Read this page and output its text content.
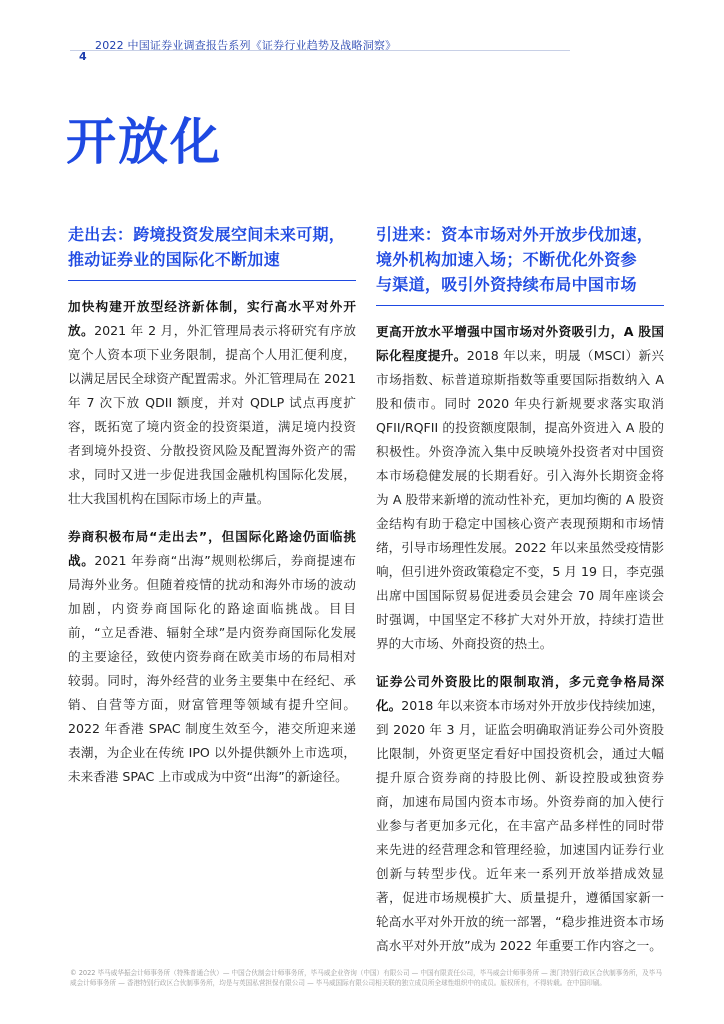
2022 中国证券业调查报告系列《证券行业趋势及战略洞察》
4
开放化
走出去：跨境投资发展空间未来可期，
推动证券业的国际化不断加速

加快构建开放型经济新体制，实行高水平对外开放。2021 年 2 月，外汇管理局表示将研究有序放宽个人资本项下业务限制，提高个人用汇便利度，以满足居民全球资产配置需求。外汇管理局在 2021 年 7 次下放 QDII 额度，并对 QDLP 试点再度扩容，既拓宽了境内资金的投资渠道，满足境内投资者到境外投资、分散投资风险及配置海外资产的需求，同时又进一步促进我国金融机构国际化发展，壮大我国机构在国际市场上的声量。

券商积极布局“走出去”，但国际化路途仍面临挑战。2021 年券商“出海”规则松绑后，券商提速布局海外业务。但随着疫情的扰动和海外市场的波动加剧，内资券商国际化的路途面临挑战。目目前，“立足香港、辐射全球”是内资券商国际化发展的主要途径，致使内资券商在欧美市场的布局相对较弱。同时，海外经营的业务主要集中在经纪、承销、自营等方面，财富管理等领域有提升空间。2022 年香港 SPAC 制度生效至今，港交所迎来递表潮，为企业在传统 IPO 以外提供额外上市选项，未来香港 SPAC 上市或成为中资“出海”的新途径。

引进来：资本市场对外开放步伐加速，
境外机构加速入场；不断优化外资参
与渠道，吸引外资持续布局中国市场

更高开放水平增强中国市场对外资吸引力，A 股国际化程度提升。2018 年以来，明晟（MSCI）新兴市场指数、标普道琼斯指数等重要国际指数纳入 A 股和债市。同时 2020 年央行新规要求落实取消 QFII/RQFII 的投资额度限制，提高外资进入 A 股的积极性。外资净流入集中反映境外投资者对中国资本市场稳健发展的长期看好。引入海外长期资金将为 A 股带来新增的流动性补充，更加均衡的 A 股资金结构有助于稳定中国核心资产表现预期和市场情绪，引导市场理性发展。2022 年以来虽然受疫情影响，但引进外资政策稳定不变，5 月 19 日，李克强出席中国国际贸易促进委员会建会 70 周年座谈会时强调，中国坚定不移扩大对外开放，持续打造世界的大市场、外商投资的热土。

证券公司外资股比的限制取消，多元竞争格局深化。2018 年以来资本市场对外开放步伐持续加速，到 2020 年 3 月，证监会明确取消证券公司外资股比限制，外资更坚定看好中国投资机会，通过大幅提升原合资券商的持股比例、新设控股或独资券商，加速布局国内资本市场。外资券商的加入使行业参与者更加多元化，在丰富产品多样性的同时带来先进的经营理念和管理经验，加速国内证券行业创新与转型步伐。近年来一系列开放举措成效显著，促进市场规模扩大、质量提升，遵循国家新一轮高水平对外开放的统一部署，“稳步推进资本市场高水平对外开放”成为 2022 年重要工作内容之一。

© 2022 毕马威华振会计师事务所（特殊普通合伙）— 中国合伙制会计师事务所，毕马威企业咨询（中国）有限公司 — 中国有限责任公司，毕马威会计师事务所 — 澳门特别行政区合伙制事务所，及毕马威会计师事务所 — 香港特别行政区合伙制事务所，均是与英国私营担保有限公司 — 毕马威国际有限公司相关联的独立成员所全球性组织中的成员。版权所有，不得转载。在中国印刷。
